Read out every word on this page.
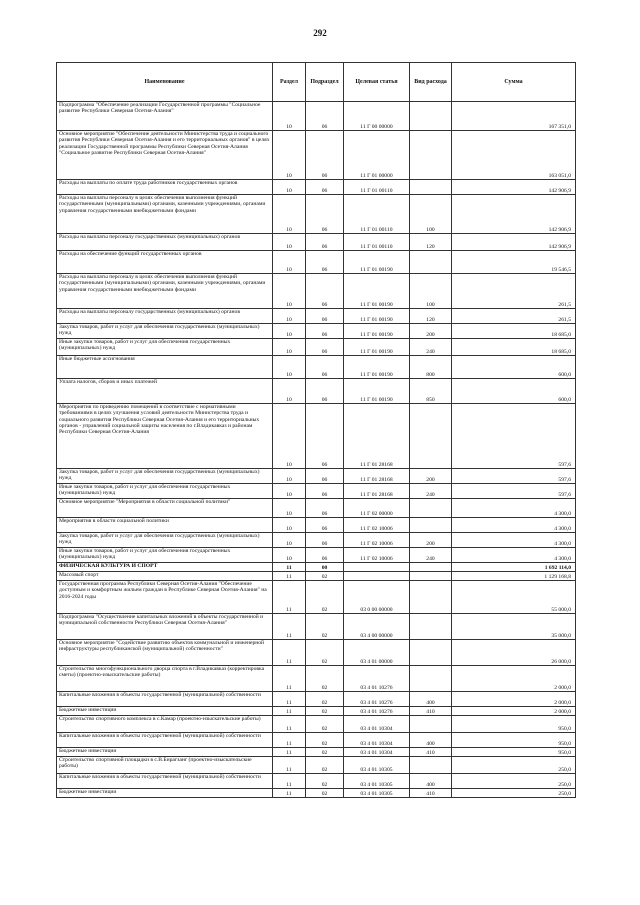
292
Наименование	Раздел	Подраздел	Целевая статья	Вид расхода	Сумма
Подпрограмма "Обеспечение реализации Государственной программы "Социальное развитие Республики Северная Осетия-Алания"	10	06	11 Г 00 00000		167 351,0
Основное мероприятие "Обеспечение деятельности Министерства труда и социального развития Республики Северная Осетия-Алания и его территориальных органов" в целях реализации Государственной программы Республики Северная Осетия-Алания "Социальное развитие Республики Северная Осетия-Алания"	10	06	11 Г 01 00000		163 051,0
Расходы на выплаты по оплате труда работников государственных органов	10	06	11 Г 01 00110		142 906,9
Расходы на выплаты персоналу в целях обеспечения выполнения функций государственными (муниципальными) органами, казенными учреждениями, органами управления государственными внебюджетными фондами	10	06	11 Г 01 00110	100	142 906,9
Расходы на выплаты персоналу государственных (муниципальных) органов	10	06	11 Г 01 00110	120	142 906,9
Расходы на обеспечение функций государственных органов	10	06	11 Г 01 00190		19 546,5
Расходы на выплаты персоналу в целях обеспечения выполнения функций государственными (муниципальными) органами, казенными учреждениями, органами управления государственными внебюджетными фондами	10	06	11 Г 01 00190	100	261,5
Расходы на выплаты персоналу государственных (муниципальных) органов	10	06	11 Г 01 00190	120	261,5
Закупка товаров, работ и услуг для обеспечения государственных (муниципальных) нужд	10	06	11 Г 01 00190	200	18 685,0
Иные закупки товаров, работ и услуг для обеспечения государственных (муниципальных) нужд	10	06	11 Г 01 00190	240	18 685,0
Иные бюджетные ассигнования	10	06	11 Г 01 00190	800	600,0
Уплата налогов, сборов и иных платежей	10	06	11 Г 01 00190	850	600,0
Мероприятия по приведению помещений в соответствие с нормативными требованиями в целях улучшения условий деятельности Министерства труда и социального развития Республики Северная Осетия-Алания и его территориальных органов - управлений социальной защиты населения по г.Владикавказ и районам Республики Северная Осетия-Алания	10	06	11 Г 01 28168		597,6
Закупка товаров, работ и услуг для обеспечения государственных (муниципальных) нужд	10	06	11 Г 01 28168	200	597,6
Иные закупки товаров, работ и услуг для обеспечения государственных (муниципальных) нужд	10	06	11 Г 01 28168	240	597,6
Основное мероприятие "Мероприятия в области социальной политики"	10	06	11 Г 02 00000		4 300,0
Мероприятия в области социальной политики	10	06	11 Г 02 10006		4 300,0
Закупка товаров, работ и услуг для обеспечения государственных (муниципальных) нужд	10	06	11 Г 02 10006	200	4 300,0
Иные закупки товаров, работ и услуг для обеспечения государственных (муниципальных) нужд	10	06	11 Г 02 10006	240	4 300,0
ФИЗИЧЕСКАЯ КУЛЬТУРА И СПОРТ	11	00			1 692 114,0
Массовый спорт	11	02			1 129 168,8
Государственная программа Республики Северная Осетия-Алания "Обеспечение доступным и комфортным жильем граждан в Республике Северная Осетия-Алания" на 2016-2024 годы	11	02	03 0 00 00000		55 000,0
Подпрограмма "Осуществление капитальных вложений в объекты государственной и муниципальной собственности Республики Северная Осетия-Алания"	11	02	03 4 00 00000		35 000,0
Основное мероприятие "Содействие развитию объектов коммунальной и инженерной инфраструктуры республиканской (муниципальной) собственности"	11	02	03 4 01 00000		26 000,0
Строительство многофункционального дворца спорта в г.Владикавказ (корректировка сметы) (проектно-изыскательские работы)	11	02	03 4 01 10276		2 000,0
Капитальные вложения в объекты государственной (муниципальной) собственности	11	02	03 4 01 10276	400	2 000,0
Бюджетные инвестиции	11	02	03 4 01 10276	410	2 000,0
Строительство спортивного комплекса в с.Камар (проектно-изыскательские работы)	11	02	03 4 01 10304		950,0
Капитальные вложения в объекты государственной (муниципальной) собственности	11	02	03 4 01 10304	400	950,0
Бюджетные инвестиции	11	02	03 4 01 10304	410	950,0
Строительство спортивной площадки в с.В.Бирагзанг (проектно-изыскательские работы)	11	02	03 4 01 10305		250,0
Капитальные вложения в объекты государственной (муниципальной) собственности	11	02	03 4 01 10305	400	250,0
Бюджетные инвестиции	11	02	03 4 01 10305	410	250,0
